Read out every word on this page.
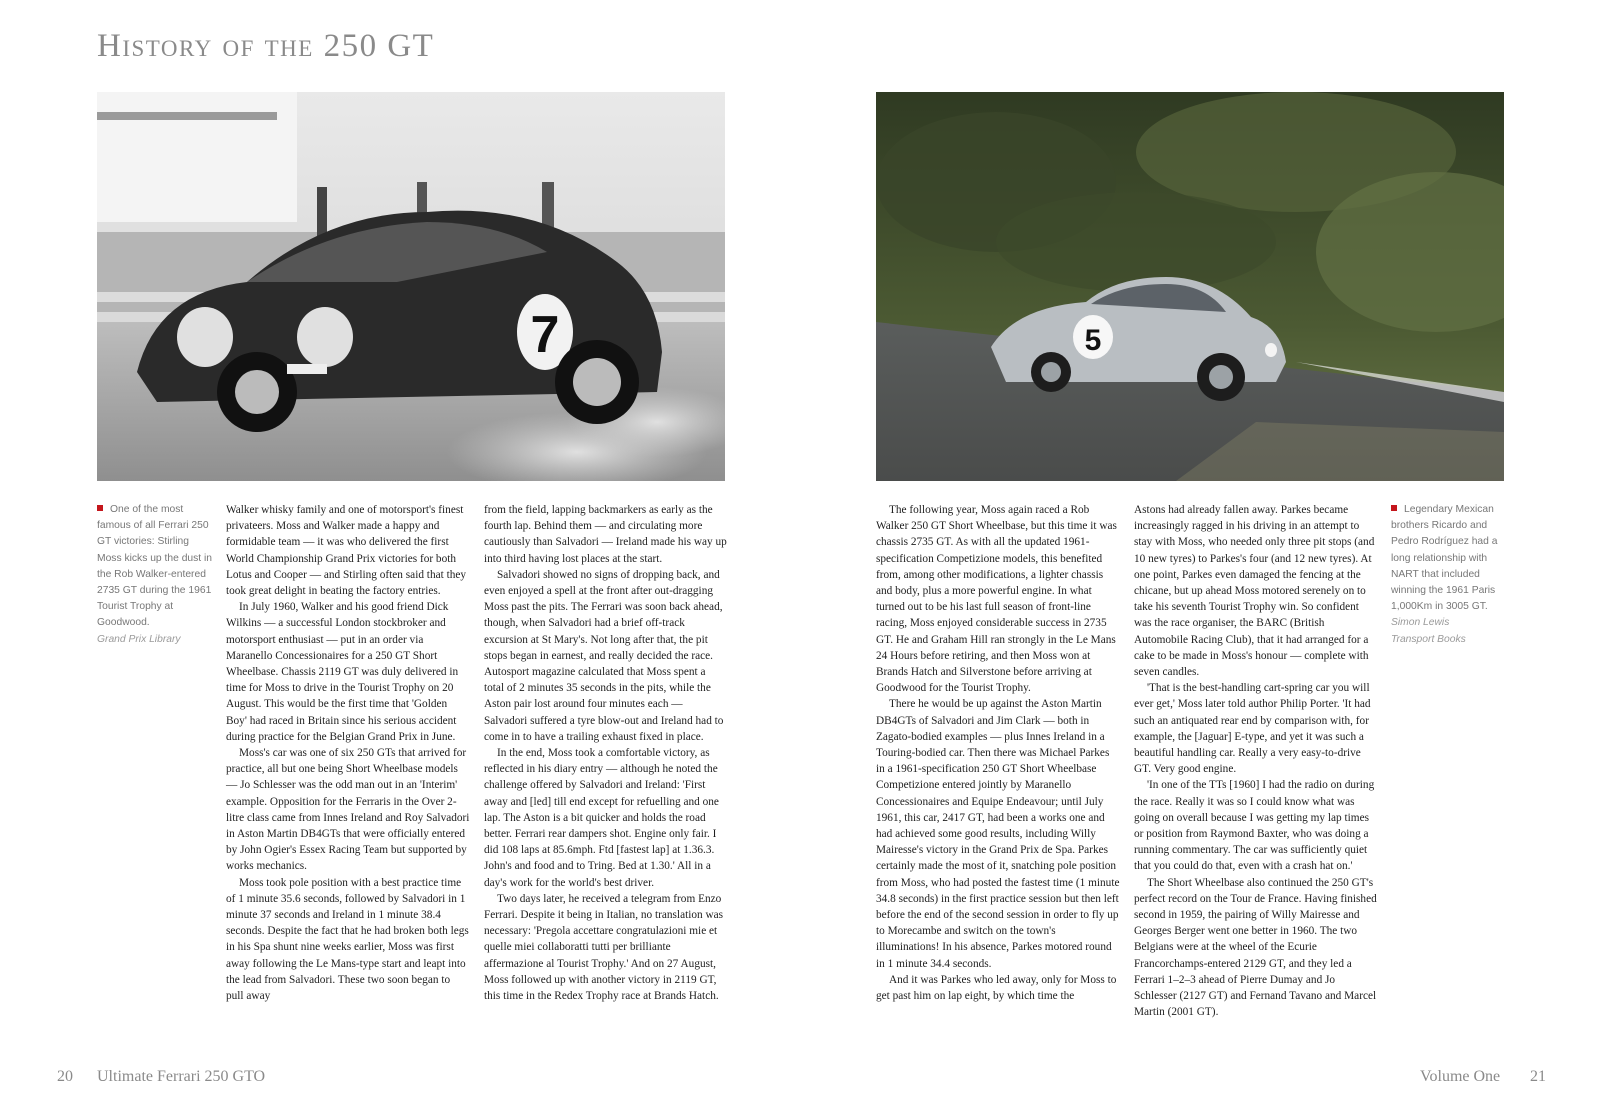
History of the 250 GT
7	5
One of the most famous of all Ferrari 250 GT victories: Stirling Moss kicks up the dust in the Rob Walker-entered 2735 GT during the 1961 Tourist Trophy at Goodwood.
Grand Prix Library

Walker whisky family and one of motorsport's finest privateers. Moss and Walker made a happy and formidable team — it was who delivered the first World Championship Grand Prix victories for both Lotus and Cooper — and Stirling often said that they took great delight in beating the factory entries.

In July 1960, Walker and his good friend Dick Wilkins — a successful London stockbroker and motorsport enthusiast — put in an order via Maranello Concessionaires for a 250 GT Short Wheelbase. Chassis 2119 GT was duly delivered in time for Moss to drive in the Tourist Trophy on 20 August. This would be the first time that 'Golden Boy' had raced in Britain since his serious accident during practice for the Belgian Grand Prix in June.

Moss's car was one of six 250 GTs that arrived for practice, all but one being Short Wheelbase models — Jo Schlesser was the odd man out in an 'Interim' example. Opposition for the Ferraris in the Over 2-litre class came from Innes Ireland and Roy Salvadori in Aston Martin DB4GTs that were officially entered by John Ogier's Essex Racing Team but supported by works mechanics.

Moss took pole position with a best practice time of 1 minute 35.6 seconds, followed by Salvadori in 1 minute 37 seconds and Ireland in 1 minute 38.4 seconds. Despite the fact that he had broken both legs in his Spa shunt nine weeks earlier, Moss was first away following the Le Mans-type start and leapt into the lead from Salvadori. These two soon began to pull away

from the field, lapping backmarkers as early as the fourth lap. Behind them — and circulating more cautiously than Salvadori — Ireland made his way up into third having lost places at the start.

Salvadori showed no signs of dropping back, and even enjoyed a spell at the front after out-dragging Moss past the pits. The Ferrari was soon back ahead, though, when Salvadori had a brief off-track excursion at St Mary's. Not long after that, the pit stops began in earnest, and really decided the race. Autosport magazine calculated that Moss spent a total of 2 minutes 35 seconds in the pits, while the Aston pair lost around four minutes each — Salvadori suffered a tyre blow-out and Ireland had to come in to have a trailing exhaust fixed in place.

In the end, Moss took a comfortable victory, as reflected in his diary entry — although he noted the challenge offered by Salvadori and Ireland: 'First away and [led] till end except for refuelling and one lap. The Aston is a bit quicker and holds the road better. Ferrari rear dampers shot. Engine only fair. I did 108 laps at 85.6mph. Ftd [fastest lap] at 1.36.3. John's and food and to Tring. Bed at 1.30.' All in a day's work for the world's best driver.

Two days later, he received a telegram from Enzo Ferrari. Despite it being in Italian, no translation was necessary: 'Pregola accettare congratulazioni mie et quelle miei collaboratti tutti per brilliante affermazione al Tourist Trophy.' And on 27 August, Moss followed up with another victory in 2119 GT, this time in the Redex Trophy race at Brands Hatch.

The following year, Moss again raced a Rob Walker 250 GT Short Wheelbase, but this time it was chassis 2735 GT. As with all the updated 1961-specification Competizione models, this benefited from, among other modifications, a lighter chassis and body, plus a more powerful engine. In what turned out to be his last full season of front-line racing, Moss enjoyed considerable success in 2735 GT. He and Graham Hill ran strongly in the Le Mans 24 Hours before retiring, and then Moss won at Brands Hatch and Silverstone before arriving at Goodwood for the Tourist Trophy.

There he would be up against the Aston Martin DB4GTs of Salvadori and Jim Clark — both in Zagato-bodied examples — plus Innes Ireland in a Touring-bodied car. Then there was Michael Parkes in a 1961-specification 250 GT Short Wheelbase Competizione entered jointly by Maranello Concessionaires and Equipe Endeavour; until July 1961, this car, 2417 GT, had been a works one and had achieved some good results, including Willy Mairesse's victory in the Grand Prix de Spa. Parkes certainly made the most of it, snatching pole position from Moss, who had posted the fastest time (1 minute 34.8 seconds) in the first practice session but then left before the end of the second session in order to fly up to Morecambe and switch on the town's illuminations! In his absence, Parkes motored round in 1 minute 34.4 seconds.

And it was Parkes who led away, only for Moss to get past him on lap eight, by which time the

Astons had already fallen away. Parkes became increasingly ragged in his driving in an attempt to stay with Moss, who needed only three pit stops (and 10 new tyres) to Parkes's four (and 12 new tyres). At one point, Parkes even damaged the fencing at the chicane, but up ahead Moss motored serenely on to take his seventh Tourist Trophy win. So confident was the race organiser, the BARC (British Automobile Racing Club), that it had arranged for a cake to be made in Moss's honour — complete with seven candles.

'That is the best-handling cart-spring car you will ever get,' Moss later told author Philip Porter. 'It had such an antiquated rear end by comparison with, for example, the [Jaguar] E-type, and yet it was such a beautiful handling car. Really a very easy-to-drive GT. Very good engine.

'In one of the TTs [1960] I had the radio on during the race. Really it was so I could know what was going on overall because I was getting my lap times or position from Raymond Baxter, who was doing a running commentary. The car was sufficiently quiet that you could do that, even with a crash hat on.'

The Short Wheelbase also continued the 250 GT's perfect record on the Tour de France. Having finished second in 1959, the pairing of Willy Mairesse and Georges Berger went one better in 1960. The two Belgians were at the wheel of the Ecurie Francorchamps-entered 2129 GT, and they led a Ferrari 1–2–3 ahead of Pierre Dumay and Jo Schlesser (2127 GT) and Fernand Tavano and Marcel Martin (2001 GT).

Legendary Mexican brothers Ricardo and Pedro Rodríguez had a long relationship with NART that included winning the 1961 Paris 1,000Km in 3005 GT.
Simon Lewis
Transport Books
20 Ultimate Ferrari 250 GTO	Volume One 21
